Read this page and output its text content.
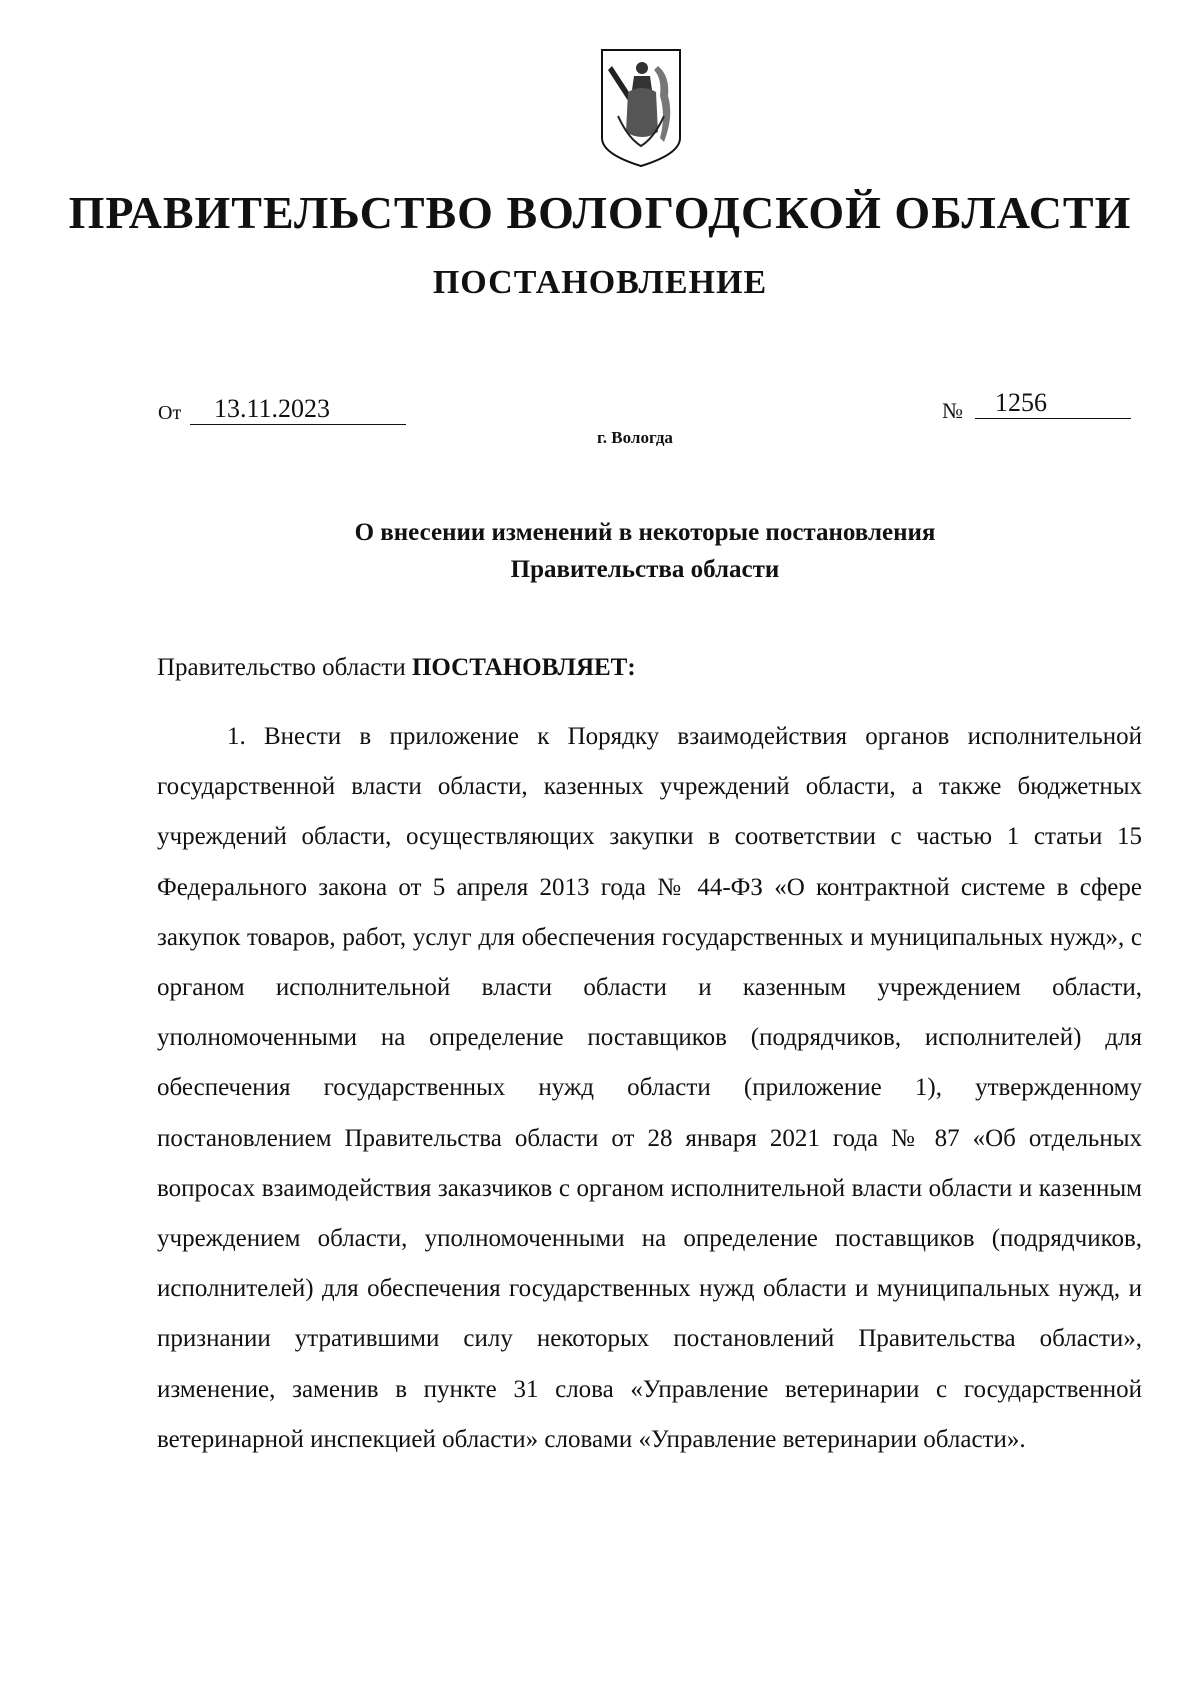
ПРАВИТЕЛЬСТВО ВОЛОГОДСКОЙ ОБЛАСТИ
ПОСТАНОВЛЕНИЕ
От	13.11.2023	№	1256
г. Вологда
О внесении изменений в некоторые постановления
Правительства области
Правительство области ПОСТАНОВЛЯЕТ:
1. Внести в приложение к Порядку взаимодействия органов исполнительной государственной власти области, казенных учреждений области, а также бюджетных учреждений области, осуществляющих закупки в соответствии с частью 1 статьи 15 Федерального закона от 5 апреля 2013 года № 44-ФЗ «О контрактной системе в сфере закупок товаров, работ, услуг для обеспечения государственных и муниципальных нужд», с органом исполнительной власти области и казенным учреждением области, уполномоченными на определение поставщиков (подрядчиков, исполнителей) для обеспечения государственных нужд области (приложение 1), утвержденному постановлением Правительства области от 28 января 2021 года № 87 «Об отдельных вопросах взаимодействия заказчиков с органом исполнительной власти области и казенным учреждением области, уполномоченными на определение поставщиков (подрядчиков, исполнителей) для обеспечения государственных нужд области и муниципальных нужд, и признании утратившими силу некоторых постановлений Правительства области», изменение, заменив в пункте 31 слова «Управление ветеринарии с государственной ветеринарной инспекцией области» словами «Управление ветеринарии области».
